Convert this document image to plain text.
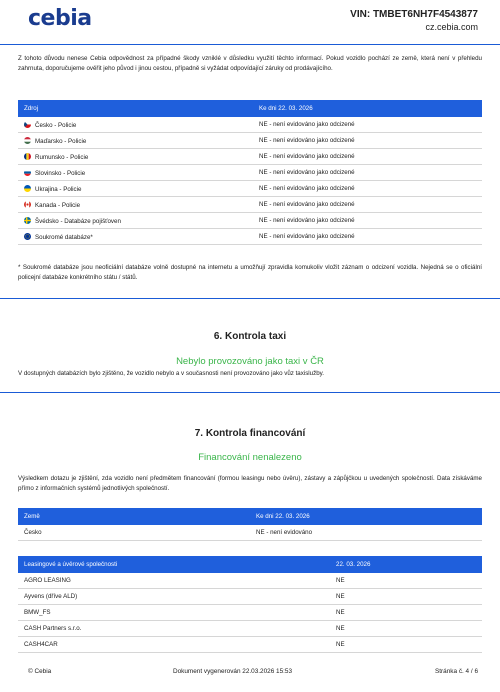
cebia	VIN: TMBET6NH7F4543877
cz.cebia.com
Z tohoto důvodu nenese Cebia odpovědnost za případné škody vzniklé v důsledku využití těchto informací. Pokud vozidlo pochází ze země, která není v přehledu zahrnuta, doporučujeme ověřit jeho původ i jinou cestou, případně si vyžádat odpovídající záruky od prodávajícího.
Zdroj	Ke dni 22. 03. 2026
Česko - Policie	NE - není evidováno jako odcizené
Maďarsko - Policie	NE - není evidováno jako odcizené
Rumunsko - Policie	NE - není evidováno jako odcizené
Slovinsko - Policie	NE - není evidováno jako odcizené
Ukrajina - Policie	NE - není evidováno jako odcizené
Kanada - Policie	NE - není evidováno jako odcizené
Švédsko - Databáze pojišťoven	NE - není evidováno jako odcizené
Soukromé databáze*	NE - není evidováno jako odcizené
* Soukromé databáze jsou neoficiální databáze volně dostupné na internetu a umožňují zpravidla komukoliv vložit záznam o odcizení vozidla. Nejedná se o oficiální policejní databáze konkrétního státu / států.
6. Kontrola taxi
Nebylo provozováno jako taxi v ČR
V dostupných databázích bylo zjištěno, že vozidlo nebylo a v současnosti není provozováno jako vůz taxislužby.
7. Kontrola financování
Financování nenalezeno
Výsledkem dotazu je zjištění, zda vozidlo není předmětem financování (formou leasingu nebo úvěru), zástavy a zápůjčkou u uvedených společností. Data získáváme přímo z informačních systémů jednotlivých společností.
Země	Ke dni 22. 03. 2026
Česko	NE - není evidováno
Leasingové a úvěrové společnosti	22. 03. 2026
AGRO LEASING	NE
Ayvens (dříve ALD)	NE
BMW_FS	NE
CASH Partners s.r.o.	NE
CASH4CAR	NE
© Cebia	Dokument vygenerován 22.03.2026 15:53	Stránka č. 4 / 6
